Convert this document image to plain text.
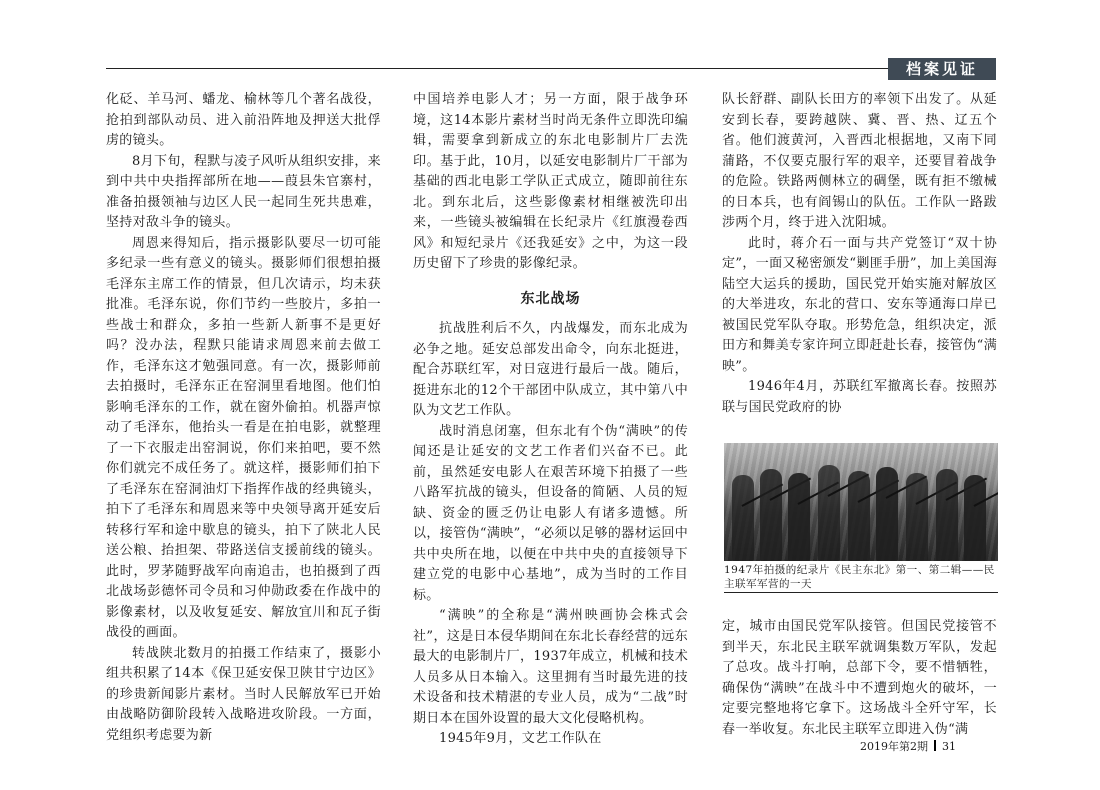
档案见证

化砭、羊马河、蟠龙、榆林等几个著名战役，抢拍到部队动员、进入前沿阵地及押送大批俘虏的镜头。

8月下旬，程默与凌子风听从组织安排，来到中共中央指挥部所在地——葭县朱官寨村，准备拍摄领袖与边区人民一起同生死共患难，坚持对敌斗争的镜头。

周恩来得知后，指示摄影队要尽一切可能多纪录一些有意义的镜头。摄影师们很想拍摄毛泽东主席工作的情景，但几次请示，均未获批准。毛泽东说，你们节约一些胶片，多拍一些战士和群众，多拍一些新人新事不是更好吗？没办法，程默只能请求周恩来前去做工作，毛泽东这才勉强同意。有一次，摄影师前去拍摄时，毛泽东正在窑洞里看地图。他们怕影响毛泽东的工作，就在窗外偷拍。机器声惊动了毛泽东，他抬头一看是在拍电影，就整理了一下衣服走出窑洞说，你们来拍吧，要不然你们就完不成任务了。就这样，摄影师们拍下了毛泽东在窑洞油灯下指挥作战的经典镜头，拍下了毛泽东和周恩来等中央领导离开延安后转移行军和途中歇息的镜头，拍下了陕北人民送公粮、抬担架、带路送信支援前线的镜头。此时，罗茅随野战军向南追击，也拍摄到了西北战场彭德怀司令员和习仲勋政委在作战中的影像素材，以及收复延安、解放宜川和瓦子街战役的画面。

转战陕北数月的拍摄工作结束了，摄影小组共积累了14本《保卫延安保卫陕甘宁边区》的珍贵新闻影片素材。当时人民解放军已开始由战略防御阶段转入战略进攻阶段。一方面，党组织考虑要为新

中国培养电影人才；另一方面，限于战争环境，这14本影片素材当时尚无条件立即洗印编辑，需要拿到新成立的东北电影制片厂去洗印。基于此，10月，以延安电影制片厂干部为基础的西北电影工学队正式成立，随即前往东北。到东北后，这些影像素材相继被洗印出来，一些镜头被编辑在长纪录片《红旗漫卷西风》和短纪录片《还我延安》之中，为这一段历史留下了珍贵的影像纪录。

东北战场

抗战胜利后不久，内战爆发，而东北成为必争之地。延安总部发出命令，向东北挺进，配合苏联红军，对日寇进行最后一战。随后，挺进东北的12个干部团中队成立，其中第八中队为文艺工作队。

战时消息闭塞，但东北有个伪“满映”的传闻还是让延安的文艺工作者们兴奋不已。此前，虽然延安电影人在艰苦环境下拍摄了一些八路军抗战的镜头，但设备的简陋、人员的短缺、资金的匮乏仍让电影人有诸多遗憾。所以，接管伪“满映”，“必须以足够的器材运回中共中央所在地，以便在中共中央的直接领导下建立党的电影中心基地”，成为当时的工作目标。

“满映”的全称是“满州映画协会株式会社”，这是日本侵华期间在东北长春经营的远东最大的电影制片厂，1937年成立，机械和技术人员多从日本输入。这里拥有当时最先进的技术设备和技术精湛的专业人员，成为“二战”时期日本在国外设置的最大文化侵略机构。

1945年9月，文艺工作队在

队长舒群、副队长田方的率领下出发了。从延安到长春，要跨越陕、冀、晋、热、辽五个省。他们渡黄河，入晋西北根据地，又南下同蒲路，不仅要克服行军的艰辛，还要冒着战争的危险。铁路两侧林立的碉堡，既有拒不缴械的日本兵，也有阎锡山的队伍。工作队一路跋涉两个月，终于进入沈阳城。

此时，蒋介石一面与共产党签订“双十协定”，一面又秘密颁发“剿匪手册”，加上美国海陆空大运兵的援助，国民党开始实施对解放区的大举进攻，东北的营口、安东等通海口岸已被国民党军队夺取。形势危急，组织决定，派田方和舞美专家许珂立即赶赴长春，接管伪“满映”。

1946年4月，苏联红军撤离长春。按照苏联与国民党政府的协

1947年拍摄的纪录片《民主东北》第一、第二辑——民主联军军营的一天

定，城市由国民党军队接管。但国民党接管不到半天，东北民主联军就调集数万军队，发起了总攻。战斗打响，总部下令，要不惜牺牲，确保伪“满映”在战斗中不遭到炮火的破坏，一定要完整地将它拿下。这场战斗全歼守军，长春一举收复。东北民主联军立即进入伪“满

2019年第2期 31
